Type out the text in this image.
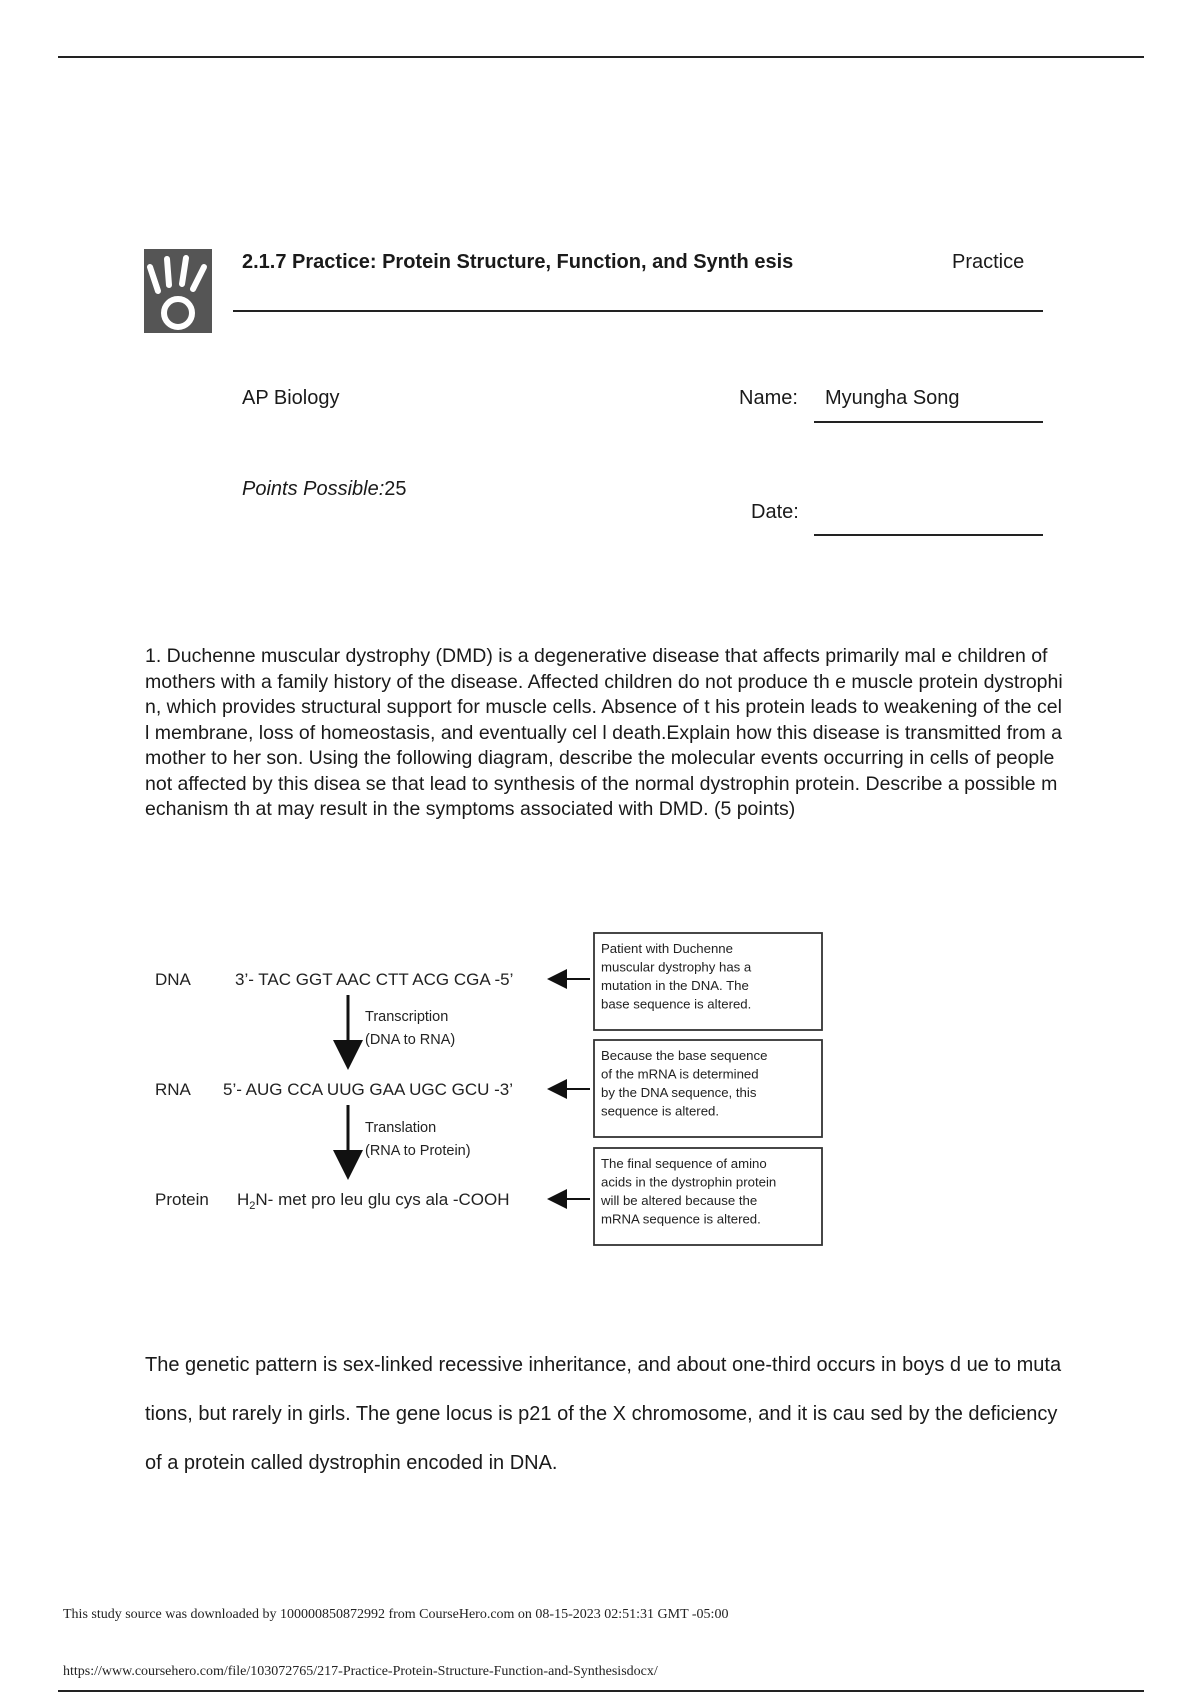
2.1.7 Practice: Protein Structure, Function, and Synth esis	Practice
AP Biology	Name: Myungha Song
Points Possible:25
Date:
1. Duchenne muscular dystrophy (DMD) is a degenerative disease that affects primarily mal e children of mothers with a family history of the disease. Affected children do not produce th e muscle protein dystrophin, which provides structural support for muscle cells. Absence of t his protein leads to weakening of the cell membrane, loss of homeostasis, and eventually cel l death.Explain how this disease is transmitted from a mother to her son. Using the following diagram, describe the molecular events occurring in cells of people not affected by this disea se that lead to synthesis of the normal dystrophin protein. Describe a possible mechanism th at may result in the symptoms associated with DMD. (5 points)
DNA	3’- TAC GGT AAC CTT ACG CGA -5’
Transcription
(DNA to RNA)
RNA 5’- AUG CCA UUG GAA UGC GCU -3’
Translation
(RNA to Protein)
Protein $H_2N-$ met pro leu glu cys ala -COOH
Patient with Duchenne
muscular dystrophy has a
mutation in the DNA. The
base sequence is altered.
Because the base sequence
of the mRNA is determined
by the DNA sequence, this
sequence is altered.
The final sequence of amino
acids in the dystrophin protein
will be altered because the
mRNA sequence is altered.
The genetic pattern is sex-linked recessive inheritance, and about one-third occurs in boys d ue to mutations, but rarely in girls. The gene locus is p21 of the X chromosome, and it is cau sed by the deficiency of a protein called dystrophin encoded in DNA.
This study source was downloaded by 100000850872992 from CourseHero.com on 08-15-2023 02:51:31 GMT -05:00
https://www.coursehero.com/file/103072765/217-Practice-Protein-Structure-Function-and-Synthesisdocx/
